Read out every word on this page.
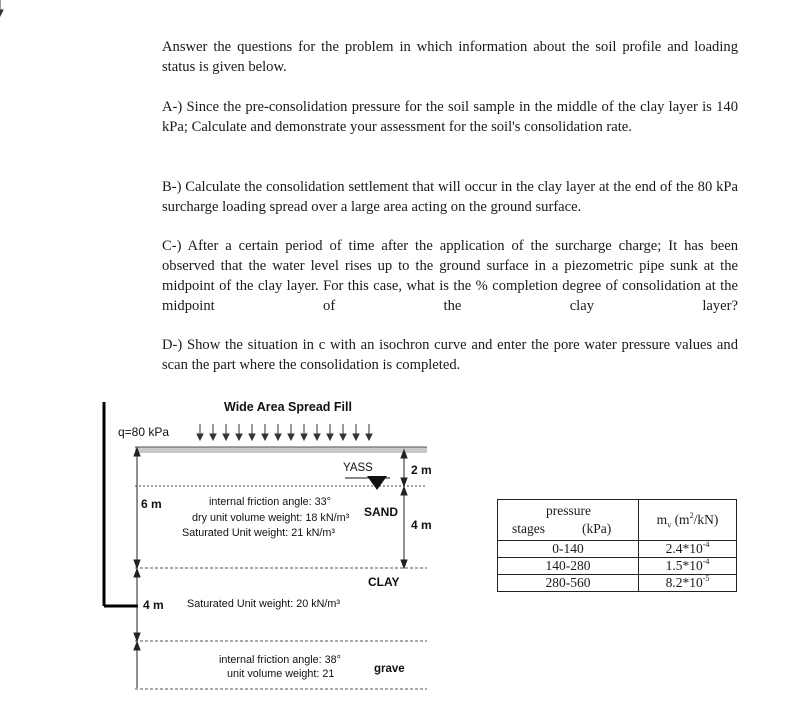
Answer the questions for the problem in which information about the soil profile and loading status is given below.
A-) Since the pre-consolidation pressure for the soil sample in the middle of the clay layer is 140 kPa; Calculate and demonstrate your assessment for the soil's consolidation rate.
B-) Calculate the consolidation settlement that will occur in the clay layer at the end of the 80 kPa surcharge loading spread over a large area acting on the ground surface.
C-) After a certain period of time after the application of the surcharge charge; It has been observed that the water level rises up to the ground surface in a piezometric pipe sunk at the midpoint of the clay layer. For this case, what is the % completion degree of consolidation at the midpoint of the clay layer?
D-) Show the situation in c with an isochron curve and enter the pore water pressure values and scan the part where the consolidation is completed.
Wide Area Spread Fill
q=80 kPa
YASS	2 m
4 m
6 m
4 m
internal friction angle: 33°
dry unit volume weight: 18 kN/m³
Saturated Unit weight: 21 kN/m³
SAND
CLAY
Saturated Unit weight: 20 kN/m³
internal friction angle: 38°
unit volume weight: 21	grave
pressure
stages (kPa)	$m_v$ $(m^2/kN)$
0-140	$2.4*10^{-4}$
140-280	$1.5*10^{-4}$
280-560	$8.2*10^{-5}$
